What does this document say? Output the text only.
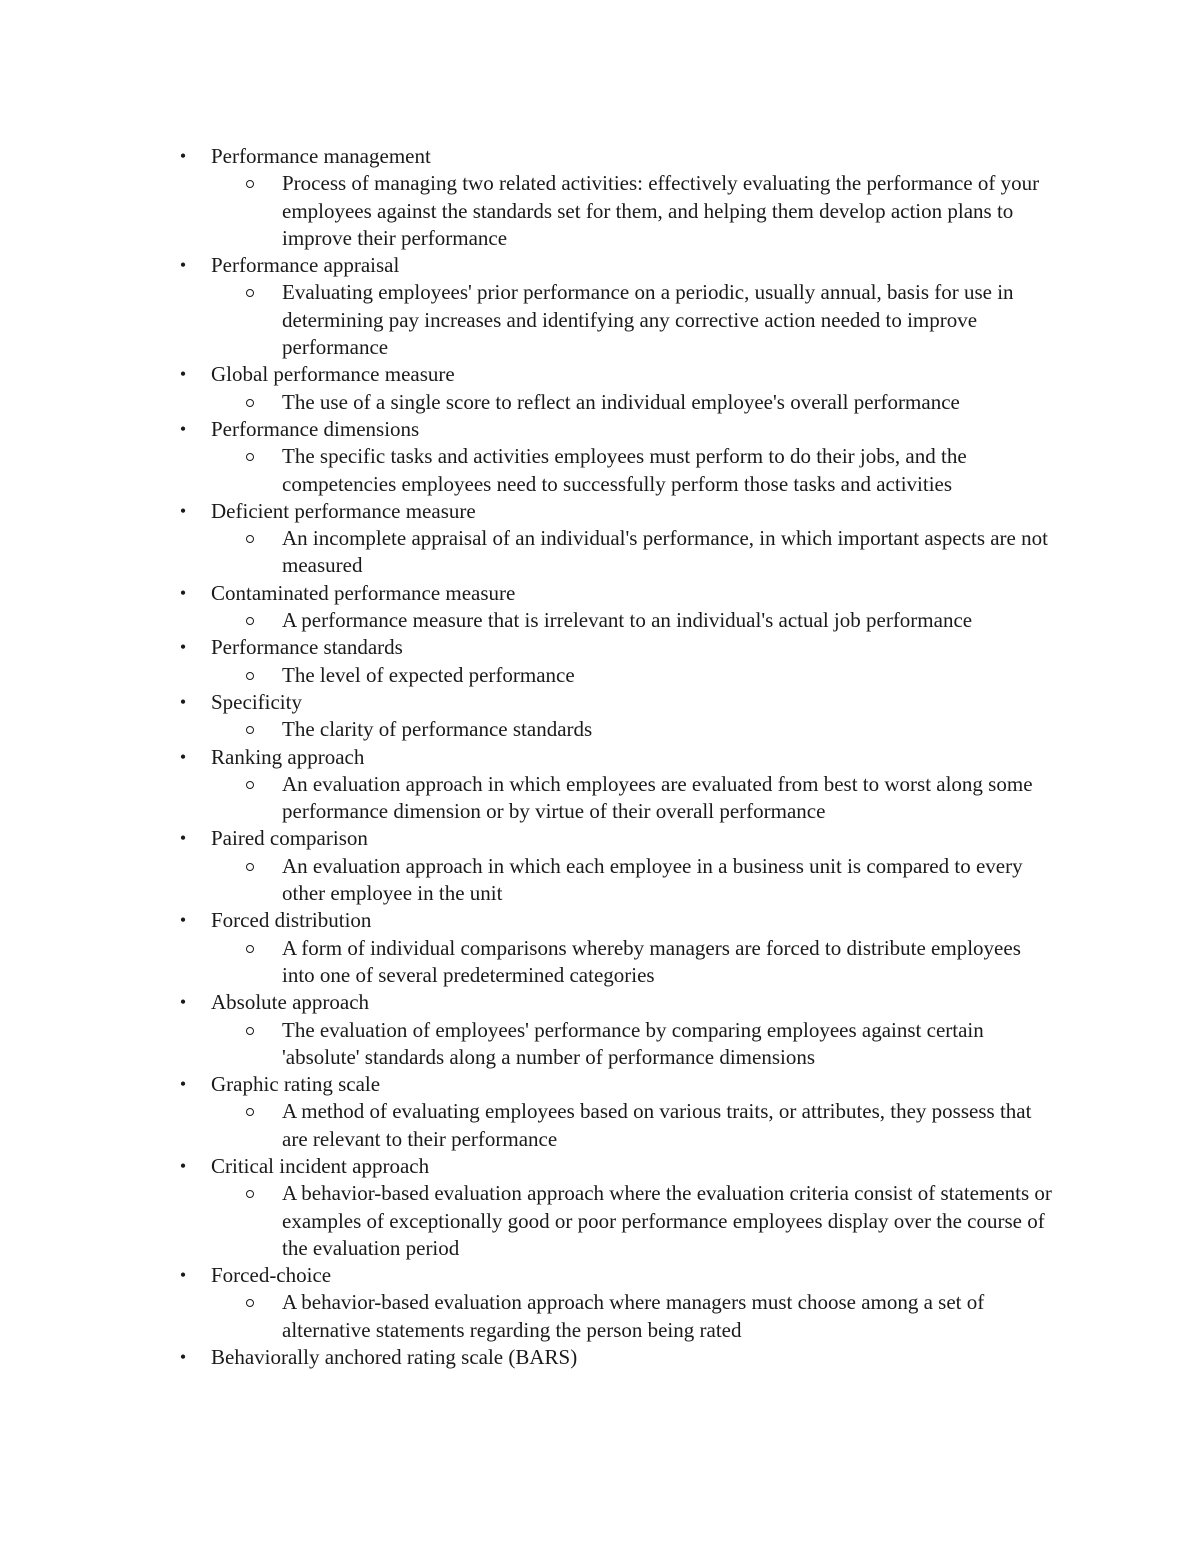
• Performance management
Process of managing two related activities: effectively evaluating the performance of your employees against the standards set for them, and helping them develop action plans to improve their performance
• Performance appraisal
Evaluating employees' prior performance on a periodic, usually annual, basis for use in determining pay increases and identifying any corrective action needed to improve performance
• Global performance measure
The use of a single score to reflect an individual employee's overall performance
• Performance dimensions
The specific tasks and activities employees must perform to do their jobs, and the competencies employees need to successfully perform those tasks and activities
• Deficient performance measure
An incomplete appraisal of an individual's performance, in which important aspects are not measured
• Contaminated performance measure
A performance measure that is irrelevant to an individual's actual job performance
• Performance standards
The level of expected performance
• Specificity
The clarity of performance standards
• Ranking approach
An evaluation approach in which employees are evaluated from best to worst along some performance dimension or by virtue of their overall performance
• Paired comparison
An evaluation approach in which each employee in a business unit is compared to every other employee in the unit
• Forced distribution
A form of individual comparisons whereby managers are forced to distribute employees into one of several predetermined categories
• Absolute approach
The evaluation of employees' performance by comparing employees against certain 'absolute' standards along a number of performance dimensions
• Graphic rating scale
A method of evaluating employees based on various traits, or attributes, they possess that are relevant to their performance
• Critical incident approach
A behavior-based evaluation approach where the evaluation criteria consist of statements or examples of exceptionally good or poor performance employees display over the course of the evaluation period
• Forced-choice
A behavior-based evaluation approach where managers must choose among a set of alternative statements regarding the person being rated
• Behaviorally anchored rating scale (BARS)
